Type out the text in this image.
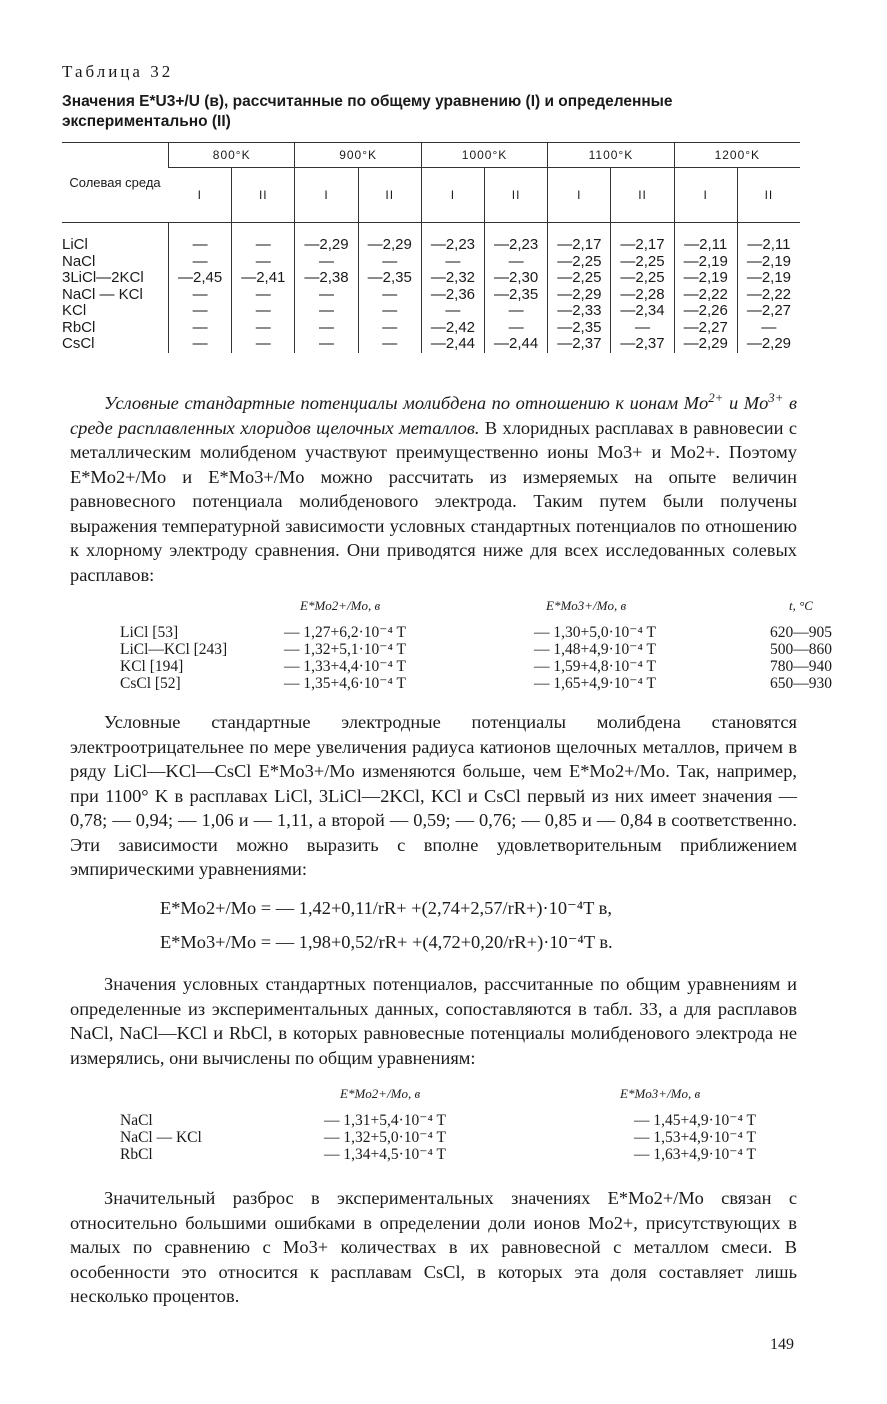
Таблица 32
Значения E*U3+/U (в), рассчитанные по общему уравнению (I) и определенные экспериментально (II)
Солевая среда	800°K		900°K		1000°K		1100°K		1200°K	
	I	II	I	II	I	II	I	II	I	II
LiCl	—	—	—2,29	—2,29	—2,23	—2,23	—2,17	—2,17	—2,11	—2,11
NaCl	—	—	—	—	—	—	—2,25	—2,25	—2,19	—2,19
3LiCl—2KCl	—2,45	—2,41	—2,38	—2,35	—2,32	—2,30	—2,25	—2,25	—2,19	—2,19
NaCl — KCl	—	—	—	—	—2,36	—2,35	—2,29	—2,28	—2,22	—2,22
KCl	—	—	—	—	—	—	—2,33	—2,34	—2,26	—2,27
RbCl	—	—	—	—	—2,42	—	—2,35	—	—2,27	—
CsCl	—	—	—	—	—2,44	—2,44	—2,37	—2,37	—2,29	—2,29

Условные стандартные потенциалы молибдена по отношению к ионам $Mo^{2+}$ и $Mo^{3+}$ в среде расплавленных хлоридов щелочных металлов. В хлоридных расплавах в равновесии с металлическим молибденом участвуют преимущественно ионы Mo3+ и Mo2+. Поэтому E*Mo2+/Mo и E*Mo3+/Mo можно рассчитать из измеряемых на опыте величин равновесного потенциала молибденового электрода. Таким путем были получены выражения температурной зависимости условных стандартных потенциалов по отношению к хлорному электроду сравнения. Они приводятся ниже для всех исследованных солевых расплавов:

	E*Mo2+/Mo, в	E*Mo3+/Mo, в	t, °C
LiCl [53]	— 1,27+6,2·10⁻⁴ T	— 1,30+5,0·10⁻⁴ T	620—905
LiCl—KCl [243]	— 1,32+5,1·10⁻⁴ T	— 1,48+4,9·10⁻⁴ T	500—860
KCl [194]	— 1,33+4,4·10⁻⁴ T	— 1,59+4,8·10⁻⁴ T	780—940
CsCl [52]	— 1,35+4,6·10⁻⁴ T	— 1,65+4,9·10⁻⁴ T	650—930

Условные стандартные электродные потенциалы молибдена становятся электроотрицательнее по мере увеличения радиуса катионов щелочных металлов, причем в ряду LiCl—KCl—CsCl E*Mo3+/Mo изменяются больше, чем E*Mo2+/Mo. Так, например, при 1100° K в расплавах LiCl, 3LiCl—2KCl, KCl и CsCl первый из них имеет значения — 0,78; — 0,94; — 1,06 и — 1,11, а второй — 0,59; — 0,76; — 0,85 и — 0,84 в соответственно. Эти зависимости можно выразить с вполне удовлетворительным приближением эмпирическими уравнениями:

E*Mo2+/Mo = — 1,42+0,11/rR+ +(2,74+2,57/rR+)·10⁻⁴T в,
E*Mo3+/Mo = — 1,98+0,52/rR+ +(4,72+0,20/rR+)·10⁻⁴T в.

Значения условных стандартных потенциалов, рассчитанные по общим уравнениям и определенные из экспериментальных данных, сопоставляются в табл. 33, а для расплавов NaCl, NaCl—KCl и RbCl, в которых равновесные потенциалы молибденового электрода не измерялись, они вычислены по общим уравнениям:

	E*Mo2+/Mo, в	E*Mo3+/Mo, в
NaCl	— 1,31+5,4·10⁻⁴ T	— 1,45+4,9·10⁻⁴ T
NaCl — KCl	— 1,32+5,0·10⁻⁴ T	— 1,53+4,9·10⁻⁴ T
RbCl	— 1,34+4,5·10⁻⁴ T	— 1,63+4,9·10⁻⁴ T

Значительный разброс в экспериментальных значениях E*Mo2+/Mo связан с относительно большими ошибками в определении доли ионов Mo2+, присутствующих в малых по сравнению с Mo3+ количествах в их равновесной с металлом смеси. В особенности это относится к расплавам CsCl, в которых эта доля составляет лишь несколько процентов.

149
